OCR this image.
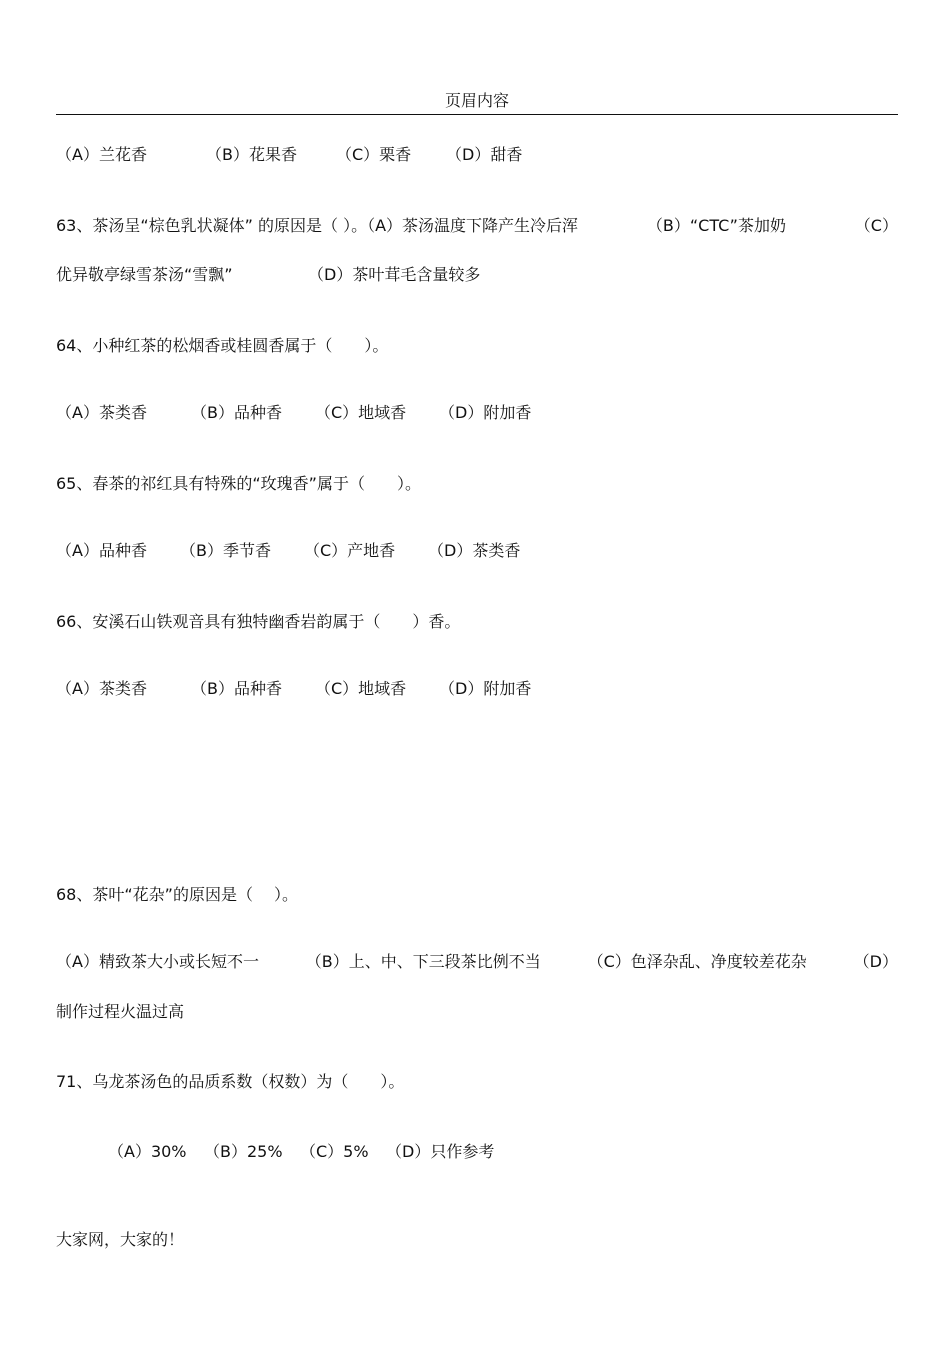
页眉内容
（A）兰花香	（B）花果香	（C）栗香	（D）甜香
63、茶汤呈“棕色乳状凝体” 的原因是（ ）。（A）茶汤温度下降产生冷后浑	（B）“CTC”茶加奶	（C）
优异敬亭绿雪茶汤“雪飘”	（D）茶叶茸毛含量较多
64、小种红茶的松烟香或桂圆香属于（　　）。
（A）茶类香	（B）品种香	（C）地域香	（D）附加香
65、春茶的祁红具有特殊的“玫瑰香”属于（　　）。
（A）品种香	（B）季节香	（C）产地香	（D）茶类香
66、安溪石山铁观音具有独特幽香岩韵属于（　　）香。
（A）茶类香	（B）品种香	（C）地域香	（D）附加香
68、茶叶“花杂”的原因是（　 ）。
（A）精致茶大小或长短不一	（B）上、中、下三段茶比例不当	（C）色泽杂乱、净度较差花杂	（D）
制作过程火温过高
71、乌龙茶汤色的品质系数（权数）为（　　）。
（A）30%	（B）25%	（C）5%	（D）只作参考
大家网，大家的！
